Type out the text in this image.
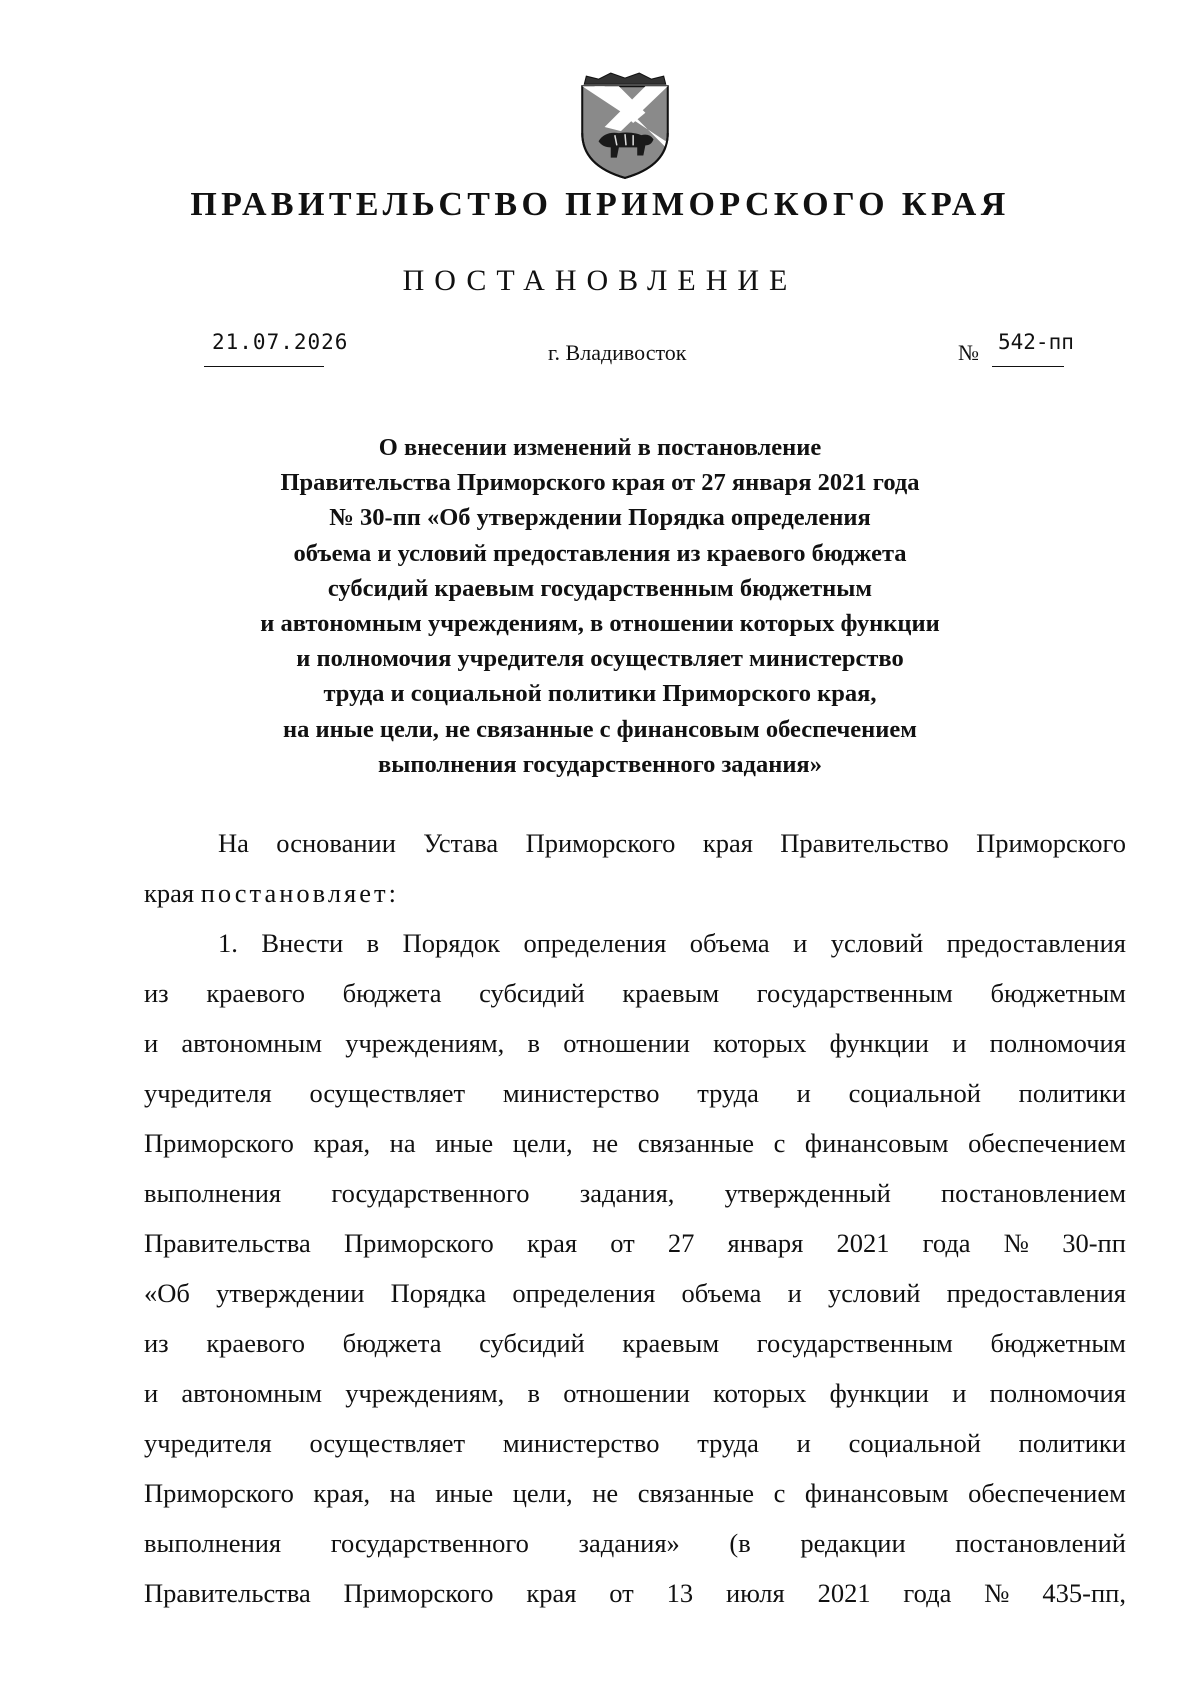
ПРАВИТЕЛЬСТВО ПРИМОРСКОГО КРАЯ
ПОСТАНОВЛЕНИЕ
21.07.2026	г. Владивосток	№ 542-пп
О внесении изменений в постановление
Правительства Приморского края от 27 января 2021 года
№ 30-пп «Об утверждении Порядка определения
объема и условий предоставления из краевого бюджета
субсидий краевым государственным бюджетным
и автономным учреждениям, в отношении которых функции
и полномочия учредителя осуществляет министерство
труда и социальной политики Приморского края,
на иные цели, не связанные с финансовым обеспечением
выполнения государственного задания»
На основании Устава Приморского края Правительство Приморского
края постановляет:
1. Внести в Порядок определения объема и условий предоставления
из краевого бюджета субсидий краевым государственным бюджетным
и автономным учреждениям, в отношении которых функции и полномочия
учредителя осуществляет министерство труда и социальной политики
Приморского края, на иные цели, не связанные с финансовым обеспечением
выполнения государственного задания, утвержденный постановлением
Правительства Приморского края от 27 января 2021 года № 30-пп
«Об утверждении Порядка определения объема и условий предоставления
из краевого бюджета субсидий краевым государственным бюджетным
и автономным учреждениям, в отношении которых функции и полномочия
учредителя осуществляет министерство труда и социальной политики
Приморского края, на иные цели, не связанные с финансовым обеспечением
выполнения государственного задания» (в редакции постановлений
Правительства Приморского края от 13 июля 2021 года № 435-пп,
